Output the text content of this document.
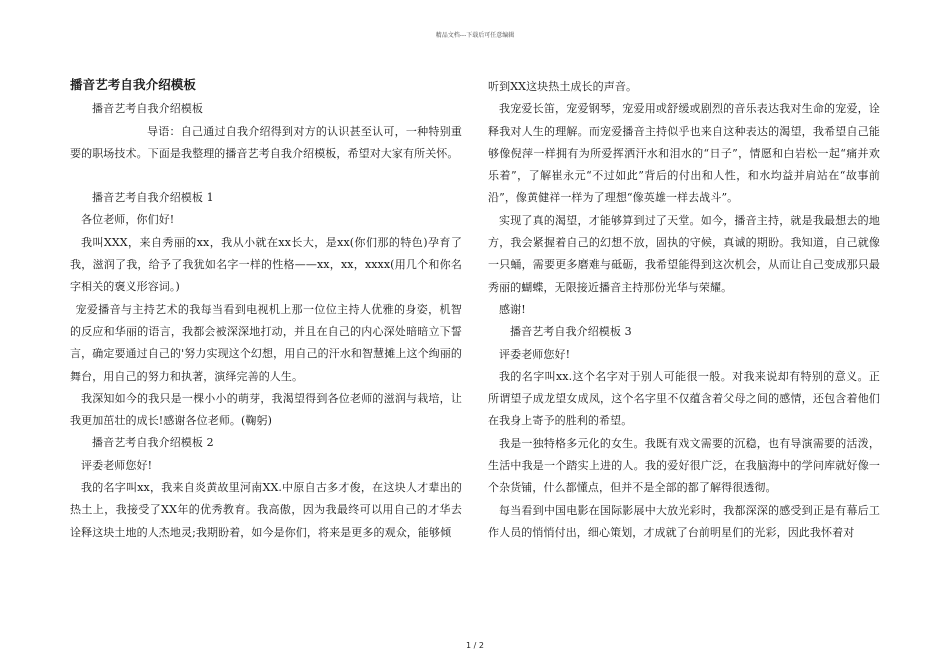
精品文档---下载后可任意编辑

播音艺考自我介绍模板

播音艺考自我介绍模板

导语：自己通过自我介绍得到对方的认识甚至认可，一种特别重要的职场技术。下面是我整理的播音艺考自我介绍模板，希望对大家有所关怀。

播音艺考自我介绍模板 1

各位老师，你们好!

我叫XXX，来自秀丽的xx，我从小就在xx长大，是xx(你们那的特色)孕育了我，滋润了我，给予了我犹如名字一样的性格——xx，xx，xxxx(用几个和你名字相关的褒义形容词。)

宠爱播音与主持艺术的我每当看到电视机上那一位位主持人优雅的身姿，机智的反应和华丽的语言，我都会被深深地打动，并且在自己的内心深处暗暗立下誓言，确定要通过自己的'努力实现这个幻想，用自己的汗水和智慧摊上这个绚丽的舞台，用自己的努力和执著，演绎完善的人生。

我深知如今的我只是一棵小小的萌芽，我渴望得到各位老师的滋润与栽培，让我更加茁壮的成长!感谢各位老师。(鞠躬)

播音艺考自我介绍模板 2

评委老师您好!

我的名字叫xx，我来自炎黄故里河南XX.中原自古多才俊，在这块人才辈出的热土上，我接受了XX年的优秀教育。我高傲，因为我最终可以用自己的才华去诠释这块土地的人杰地灵;我期盼着，如今是你们，将来是更多的观众，能够倾

听到XX这块热土成长的声音。

我宠爱长笛，宠爱钢琴，宠爱用或舒缓或剧烈的音乐表达我对生命的宠爱，诠释我对人生的理解。而宠爱播音主持似乎也来自这种表达的渴望，我希望自己能够像倪萍一样拥有为所爱挥洒汗水和泪水的“日子”，情愿和白岩松一起“痛并欢乐着”，了解崔永元“不过如此”背后的付出和人性，和水均益并肩站在“故事前沿”，像黄健祥一样为了理想“像英雄一样去战斗”。

实现了真的渴望，才能够算到过了天堂。如今，播音主持，就是我最想去的地方，我会紧握着自己的幻想不放，固执的守候，真诚的期盼。我知道，自己就像一只蛹，需要更多磨难与砥砺，我希望能得到这次机会，从而让自己变成那只最秀丽的蝴蝶，无限接近播音主持那份光华与荣耀。

感谢!

播音艺考自我介绍模板 3

评委老师您好!

我的名字叫xx.这个名字对于别人可能很一般。对我来说却有特别的意义。正所谓望子成龙望女成凤，这个名字里不仅蕴含着父母之间的感情，还包含着他们在我身上寄予的胜利的希望。

我是一独特格多元化的女生。我既有戏文需要的沉稳，也有导演需要的活泼，生活中我是一个踏实上进的人。我的爱好很广泛，在我脑海中的学问库就好像一个杂货铺，什么都懂点，但并不是全部的都了解得很透彻。

每当看到中国电影在国际影展中大放光彩时，我都深深的感受到正是有幕后工作人员的悄悄付出，细心策划，才成就了台前明星们的光彩，因此我怀着对

1 / 2
